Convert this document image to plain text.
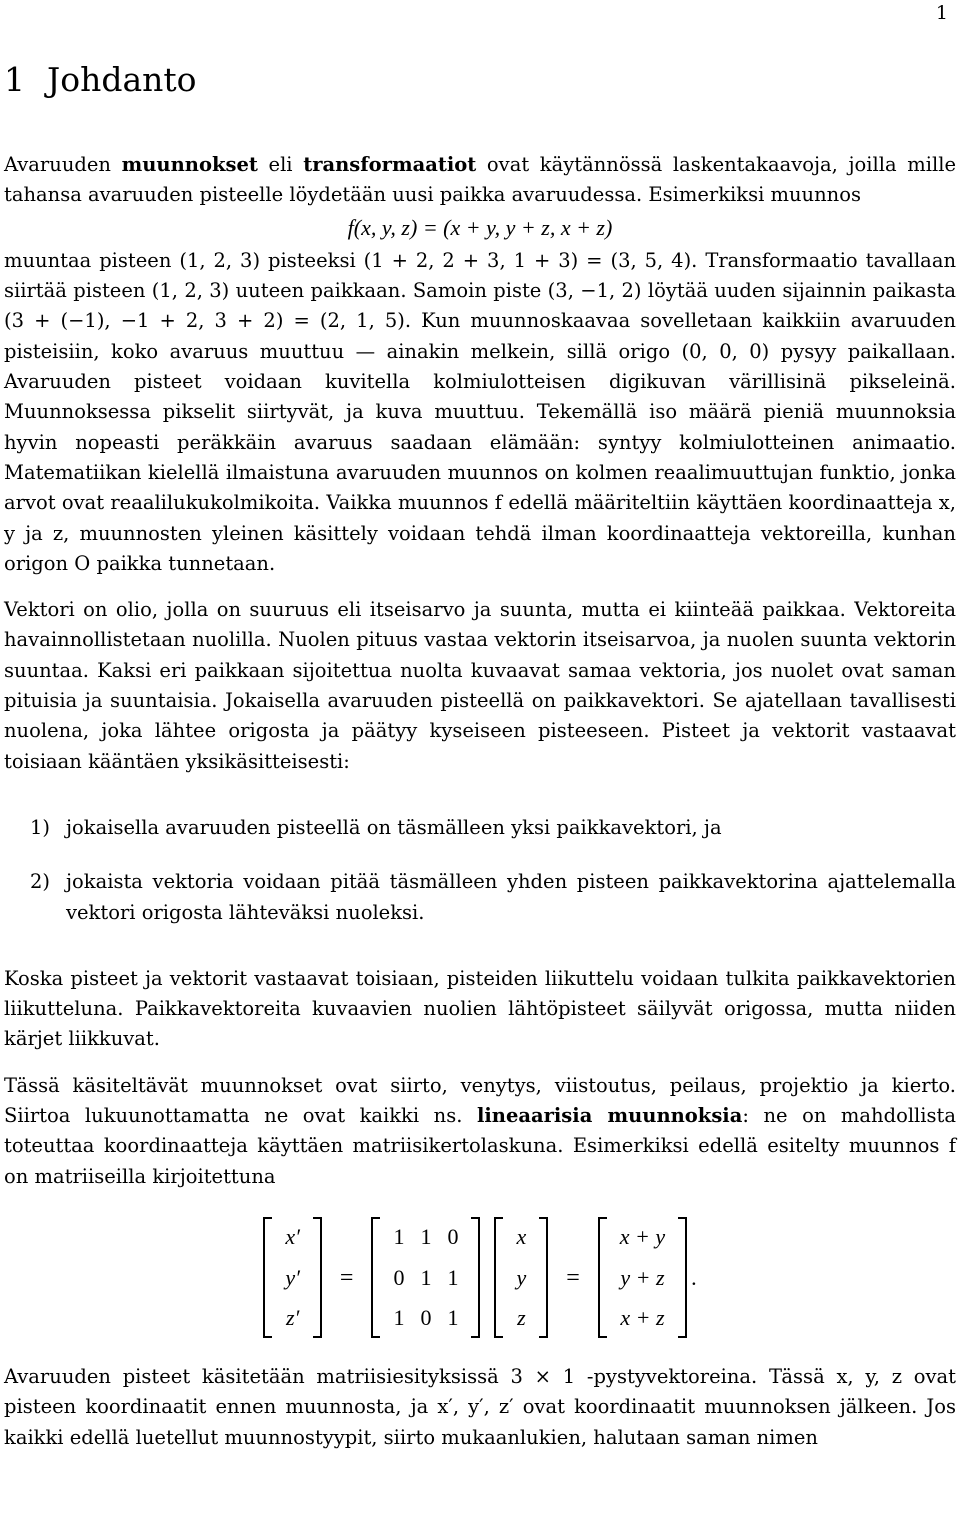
1
1 Johdanto

Avaruuden muunnokset eli transformaatiot ovat käytännössä laskentakaavoja, joilla mille tahansa avaruuden pisteelle löydetään uusi paikka avaruudessa. Esimerkiksi muunnos

f(x, y, z) = (x + y, y + z, x + z)

muuntaa pisteen (1, 2, 3) pisteeksi (1 + 2, 2 + 3, 1 + 3) = (3, 5, 4). Transformaatio tavallaan siirtää pisteen (1, 2, 3) uuteen paikkaan. Samoin piste (3, −1, 2) löytää uuden sijainnin paikasta (3 + (−1), −1 + 2, 3 + 2) = (2, 1, 5). Kun muunnoskaavaa sovelletaan kaikkiin avaruuden pisteisiin, koko avaruus muuttuu — ainakin melkein, sillä origo (0, 0, 0) pysyy paikallaan. Avaruuden pisteet voidaan kuvitella kolmiulotteisen digikuvan värillisinä pikseleinä. Muunnoksessa pikselit siirtyvät, ja kuva muuttuu. Tekemällä iso määrä pieniä muunnoksia hyvin nopeasti peräkkäin avaruus saadaan elämään: syntyy kolmiulotteinen animaatio. Matematiikan kielellä ilmaistuna avaruuden muunnos on kolmen reaalimuuttujan funktio, jonka arvot ovat reaalilukukolmikoita. Vaikka muunnos f edellä määriteltiin käyttäen koordinaatteja x, y ja z, muunnosten yleinen käsittely voidaan tehdä ilman koordinaatteja vektoreilla, kunhan origon O paikka tunnetaan.

Vektori on olio, jolla on suuruus eli itseisarvo ja suunta, mutta ei kiinteää paikkaa. Vektoreita havainnollistetaan nuolilla. Nuolen pituus vastaa vektorin itseisarvoa, ja nuolen suunta vektorin suuntaa. Kaksi eri paikkaan sijoitettua nuolta kuvaavat samaa vektoria, jos nuolet ovat saman pituisia ja suuntaisia. Jokaisella avaruuden pisteellä on paikkavektori. Se ajatellaan tavallisesti nuolena, joka lähtee origosta ja päätyy kyseiseen pisteeseen. Pisteet ja vektorit vastaavat toisiaan kääntäen yksikäsitteisesti:

1) jokaisella avaruuden pisteellä on täsmälleen yksi paikkavektori, ja
2) jokaista vektoria voidaan pitää täsmälleen yhden pisteen paikkavektorina ajattelemalla vektori origosta lähteväksi nuoleksi.

Koska pisteet ja vektorit vastaavat toisiaan, pisteiden liikuttelu voidaan tulkita paikkavektorien liikutteluna. Paikkavektoreita kuvaavien nuolien lähtöpisteet säilyvät origossa, mutta niiden kärjet liikkuvat.

Tässä käsiteltävät muunnokset ovat siirto, venytys, viistoutus, peilaus, projektio ja kierto. Siirtoa lukuunottamatta ne ovat kaikki ns. lineaarisia muunnoksia: ne on mahdollista toteuttaa koordinaatteja käyttäen matriisikertolaskuna. Esimerkiksi edellä esitelty muunnos f on matriiseilla kirjoitettuna

x′
y′
z′
=
1	1	0
0	1	1
1	0	1
x
y
z
=
x + y
y + z
x + z
.

Avaruuden pisteet käsitetään matriisiesityksissä 3 × 1 -pystyvektoreina. Tässä x, y, z ovat pisteen koordinaatit ennen muunnosta, ja x′, y′, z′ ovat koordinaatit muunnoksen jälkeen. Jos kaikki edellä luetellut muunnostyypit, siirto mukaanlukien, halutaan saman nimen
